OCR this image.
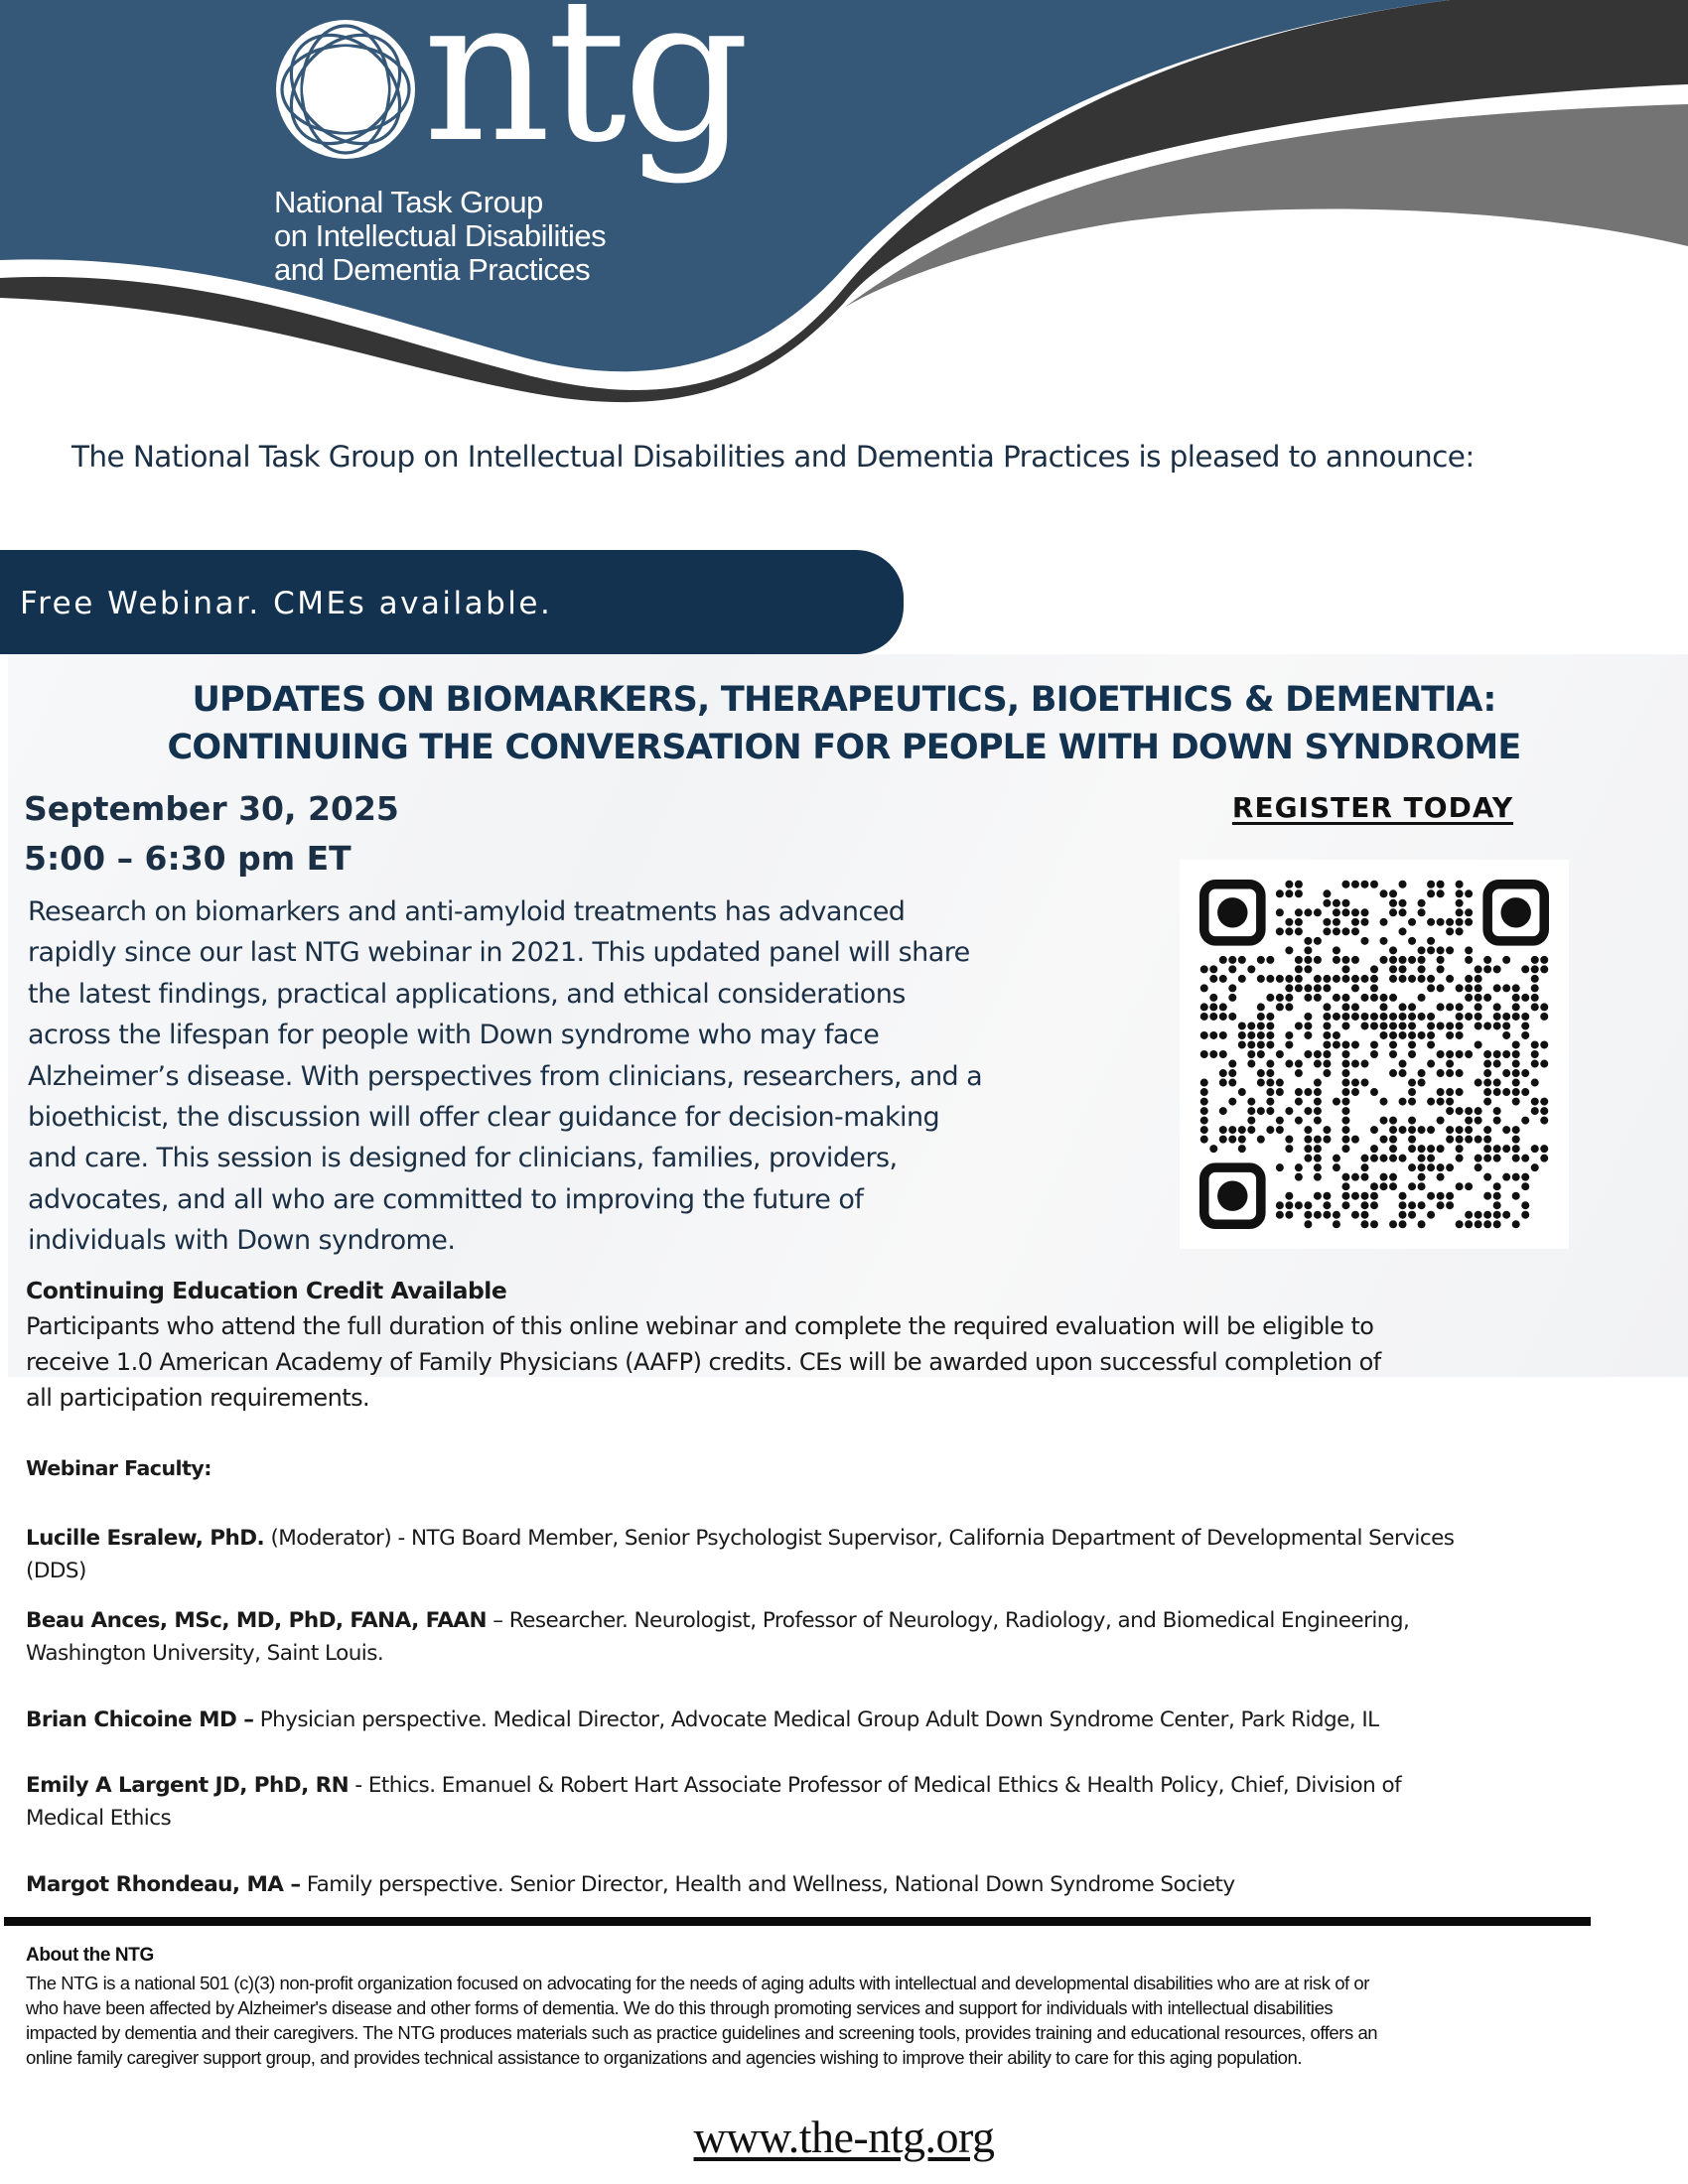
ntg
National Task Group
on Intellectual Disabilities
and Dementia Practices
The National Task Group on Intellectual Disabilities and Dementia Practices is pleased to announce:
Free Webinar. CMEs available.
UPDATES ON BIOMARKERS, THERAPEUTICS, BIOETHICS & DEMENTIA:
CONTINUING THE CONVERSATION FOR PEOPLE WITH DOWN SYNDROME
September 30, 2025
5:00 – 6:30 pm ET
REGISTER TODAY
Research on biomarkers and anti-amyloid treatments has advanced
rapidly since our last NTG webinar in 2021. This updated panel will share
the latest findings, practical applications, and ethical considerations
across the lifespan for people with Down syndrome who may face
Alzheimer’s disease. With perspectives from clinicians, researchers, and a
bioethicist, the discussion will offer clear guidance for decision-making
and care. This session is designed for clinicians, families, providers,
advocates, and all who are committed to improving the future of
individuals with Down syndrome.
Continuing Education Credit Available
Participants who attend the full duration of this online webinar and complete the required evaluation will be eligible to
receive 1.0 American Academy of Family Physicians (AAFP) credits. CEs will be awarded upon successful completion of
all participation requirements.
Webinar Faculty:
Lucille Esralew, PhD. (Moderator) - NTG Board Member, Senior Psychologist Supervisor, California Department of Developmental Services
(DDS)
Beau Ances, MSc, MD, PhD, FANA, FAAN – Researcher. Neurologist, Professor of Neurology, Radiology, and Biomedical Engineering,
Washington University, Saint Louis.
Brian Chicoine MD – Physician perspective. Medical Director, Advocate Medical Group Adult Down Syndrome Center, Park Ridge, IL
Emily A Largent JD, PhD, RN - Ethics. Emanuel & Robert Hart Associate Professor of Medical Ethics & Health Policy, Chief, Division of
Medical Ethics
Margot Rhondeau, MA – Family perspective. Senior Director, Health and Wellness, National Down Syndrome Society
About the NTG
The NTG is a national 501 (c)(3) non-profit organization focused on advocating for the needs of aging adults with intellectual and developmental disabilities who are at risk of or
who have been affected by Alzheimer's disease and other forms of dementia. We do this through promoting services and support for individuals with intellectual disabilities
impacted by dementia and their caregivers. The NTG produces materials such as practice guidelines and screening tools, provides training and educational resources, offers an
online family caregiver support group, and provides technical assistance to organizations and agencies wishing to improve their ability to care for this aging population.
www.the-ntg.org
